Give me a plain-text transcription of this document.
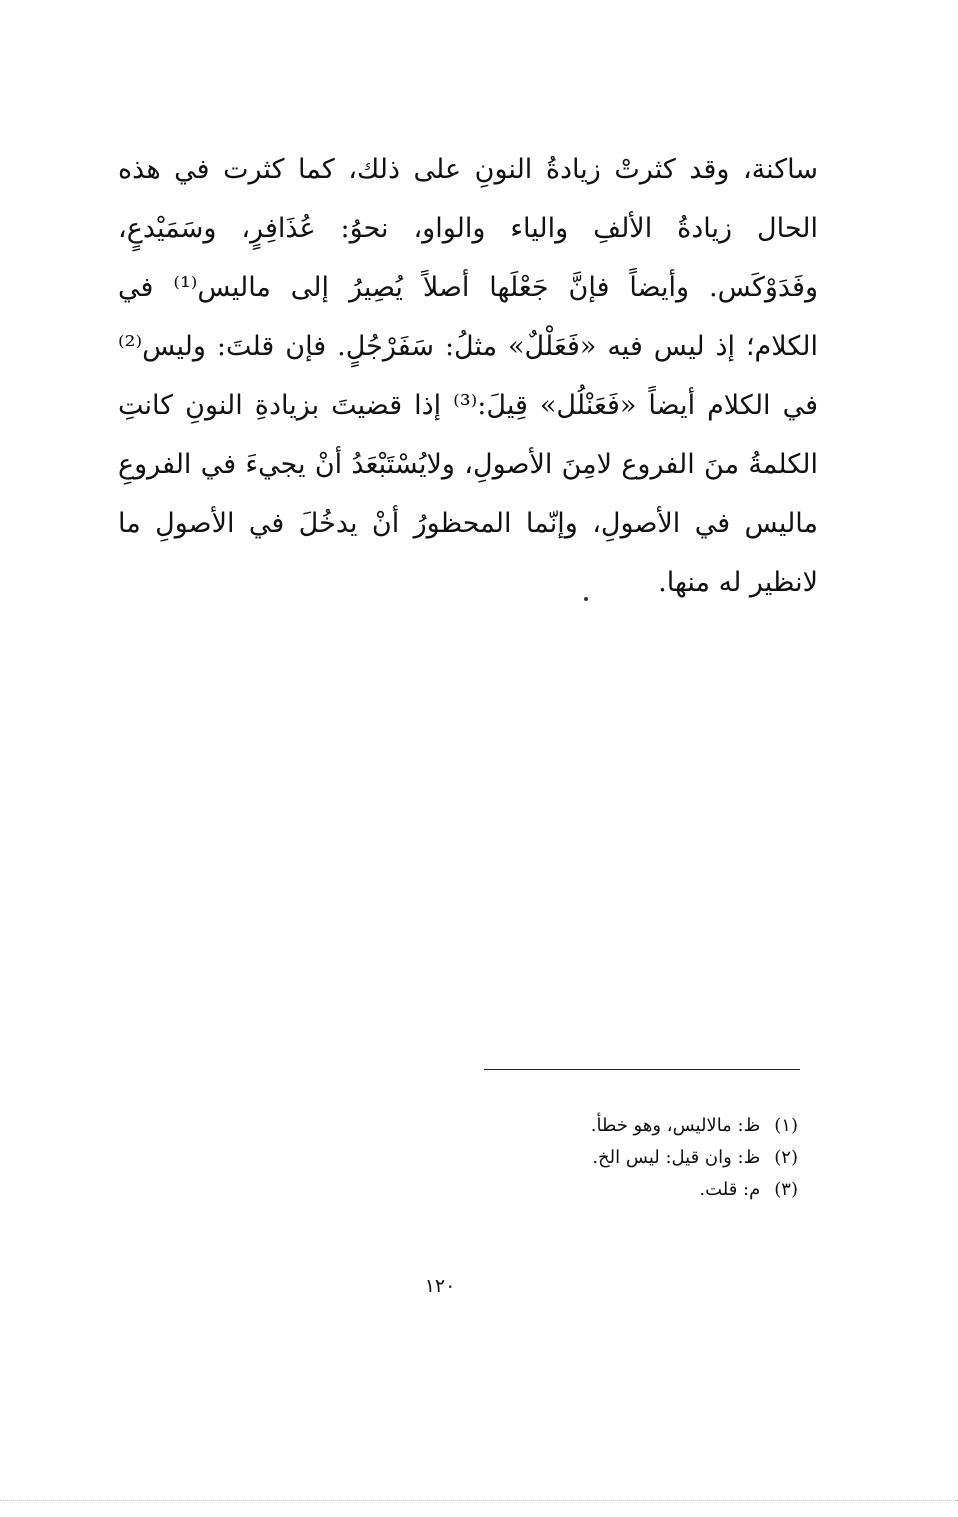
ساكنة، وقد كثرتْ زيادةُ النونِ على ذلك، كما كثرت في هذه
الحال زيادةُ الألفِ والياء والواو، نحوُ: عُذَافِرٍ، وسَمَيْدعٍ،
وفَدَوْكَس. وأيضاً فإنَّ جَعْلَها أصلاً يُصِيرُ إلى ماليس⁽¹⁾ في
الكلام؛ إذ ليس فيه «فَعَلْلٌ» مثلُ: سَفَرْجُلٍ. فإن قلتَ: وليس⁽²⁾
في الكلام أيضاً «فَعَنْلُل» قِيلَ:⁽³⁾ إذا قضيتَ بزيادةِ النونِ كانتِ
الكلمةُ منَ الفروع لامِنَ الأصولِ، ولايُسْتَبْعَدُ أنْ يجيءَ في الفروعِ
ماليس في الأصولِ، وإنّما المحظورُ أنْ يدخُلَ في الأصولِ ما
لانظير له منها.
(١)ظ: مالاليس، وهو خطأ.
(٢)ظ: وان قيل: ليس الخ.
(٣)م: قلت.
١٢٠
